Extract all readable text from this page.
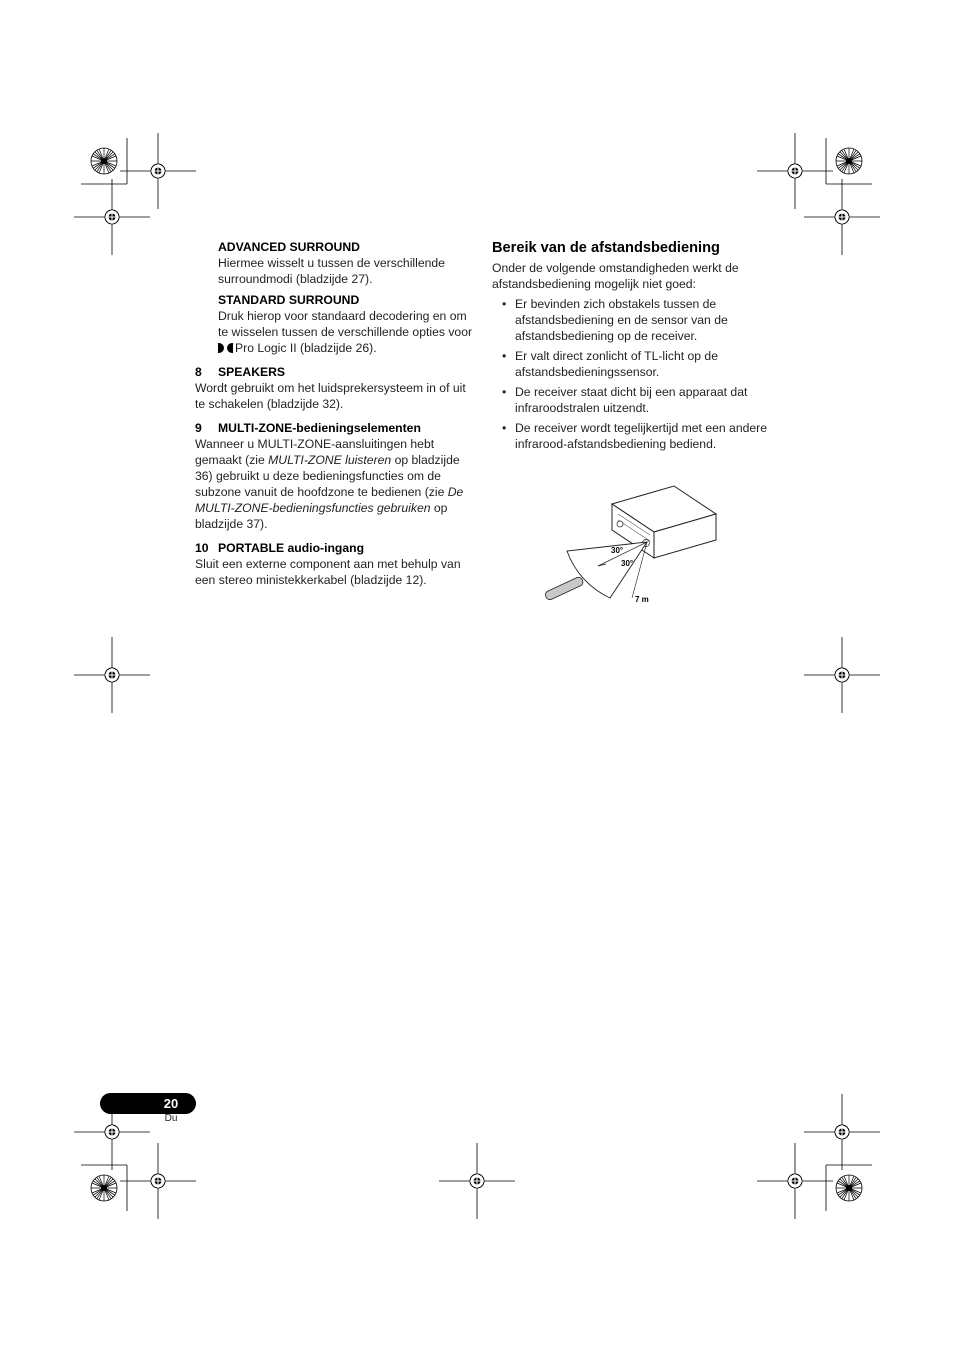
ADVANCED SURROUND

Hiermee wisselt u tussen de verschillende surroundmodi (bladzijde 27).

STANDARD SURROUND

Druk hierop voor standaard decodering en om te wisselen tussen de verschillende opties voor
Pro Logic II (bladzijde 26).

8 SPEAKERS

Wordt gebruikt om het luidsprekersysteem in of uit te schakelen (bladzijde 32).

9 MULTI-ZONE-bedieningselementen

Wanneer u MULTI-ZONE-aansluitingen hebt gemaakt (zie MULTI-ZONE luisteren op bladzijde 36) gebruikt u deze bedieningsfuncties om de subzone vanuit de hoofdzone te bedienen (zie De MULTI-ZONE-bedieningsfuncties gebruiken op bladzijde 37).

10 PORTABLE audio-ingang

Sluit een externe component aan met behulp van een stereo ministekkerkabel (bladzijde 12).

Bereik van de afstandsbediening

Onder de volgende omstandigheden werkt de afstandsbediening mogelijk niet goed:

• Er bevinden zich obstakels tussen de afstandsbediening en de sensor van de afstandsbediening op de receiver.
• Er valt direct zonlicht of TL-licht op de afstandsbedieningssensor.
• De receiver staat dicht bij een apparaat dat infraroodstralen uitzendt.
• De receiver wordt tegelijkertijd met een andere infrarood-afstandsbediening bediend.
30°
30°
7 m
20
Du
